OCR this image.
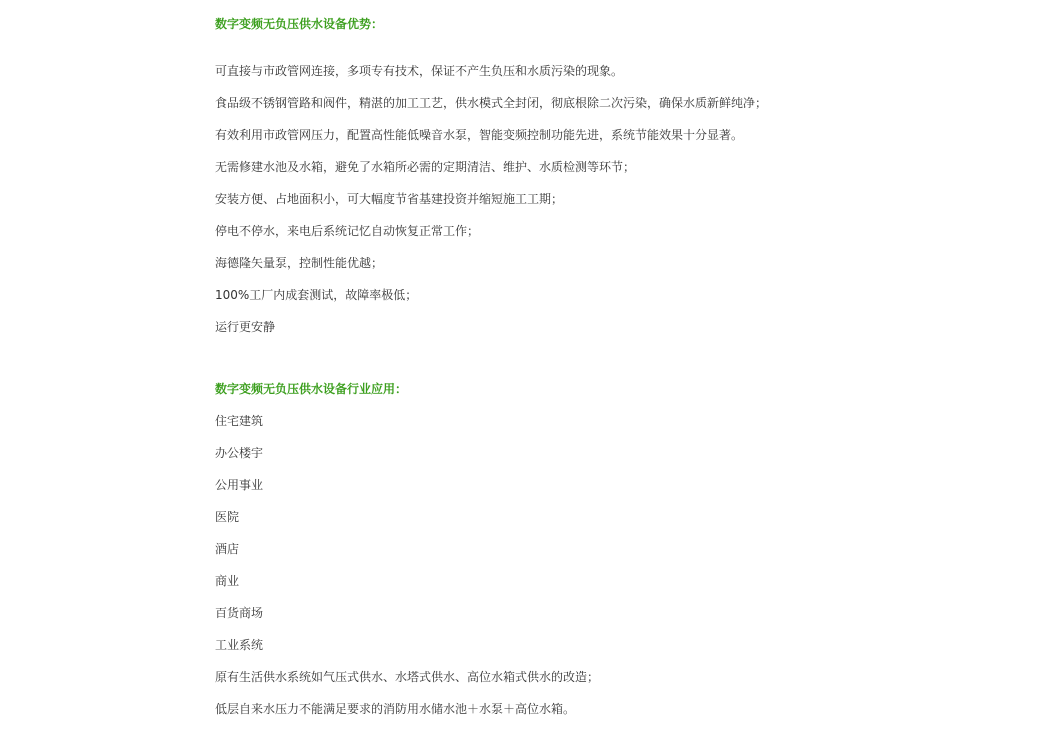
数字变频无负压供水设备优势：
可直接与市政管网连接，多项专有技术，保证不产生负压和水质污染的现象。
食品级不锈钢管路和阀件，精湛的加工工艺，供水模式全封闭，彻底根除二次污染，确保水质新鲜纯净；
有效利用市政管网压力，配置高性能低噪音水泵，智能变频控制功能先进，系统节能效果十分显著。
无需修建水池及水箱，避免了水箱所必需的定期清洁、维护、水质检测等环节；
安装方便、占地面积小，可大幅度节省基建投资并缩短施工工期；
停电不停水，来电后系统记忆自动恢复正常工作；
海德隆矢量泵，控制性能优越；
100%工厂内成套测试，故障率极低；
运行更安静
数字变频无负压供水设备行业应用：
住宅建筑
办公楼宇
公用事业
医院
酒店
商业
百货商场
工业系统
原有生活供水系统如气压式供水、水塔式供水、高位水箱式供水的改造；
低层自来水压力不能满足要求的消防用水储水池＋水泵＋高位水箱。
